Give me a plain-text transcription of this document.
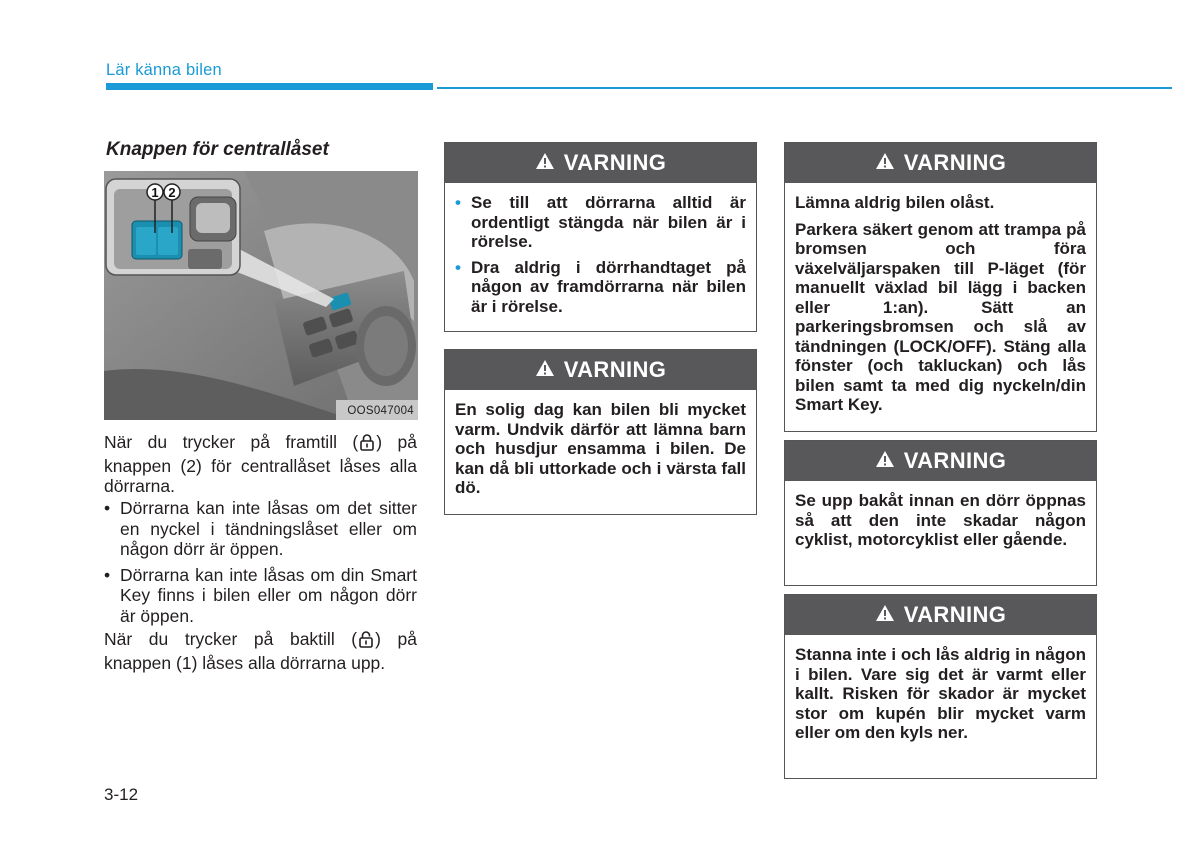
Lär känna bilen
Knappen för centrallåset
1 2
OOS047004
När du trycker på framtill ( ) på knappen (2) för centrallåset låses alla dörrarna.
• Dörrarna kan inte låsas om det sitter en nyckel i tändningslåset eller om någon dörr är öppen.
• Dörrarna kan inte låsas om din Smart Key finns i bilen eller om någon dörr är öppen.
När du trycker på baktill ( ) på knappen (1) låses alla dörrarna upp.
VARNING
• Se till att dörrarna alltid är ordentligt stängda när bilen är i rörelse.
• Dra aldrig i dörrhandtaget på någon av framdörrarna när bilen är i rörelse.
VARNING

En solig dag kan bilen bli mycket varm. Undvik därför att lämna barn och husdjur ensamma i bilen. De kan då bli uttorkade och i värsta fall dö.

VARNING

Lämna aldrig bilen olåst.

Parkera säkert genom att trampa på bromsen och föra växelväljarspaken till P-läget (för manuellt växlad bil lägg i backen eller 1:an). Sätt an parkeringsbromsen och slå av tändningen (LOCK/OFF). Stäng alla fönster (och takluckan) och lås bilen samt ta med dig nyckeln/din Smart Key.

VARNING

Se upp bakåt innan en dörr öppnas så att den inte skadar någon cyklist, motorcyklist eller gående.

VARNING

Stanna inte i och lås aldrig in någon i bilen. Vare sig det är varmt eller kallt. Risken för skador är mycket stor om kupén blir mycket varm eller om den kyls ner.

3-12
